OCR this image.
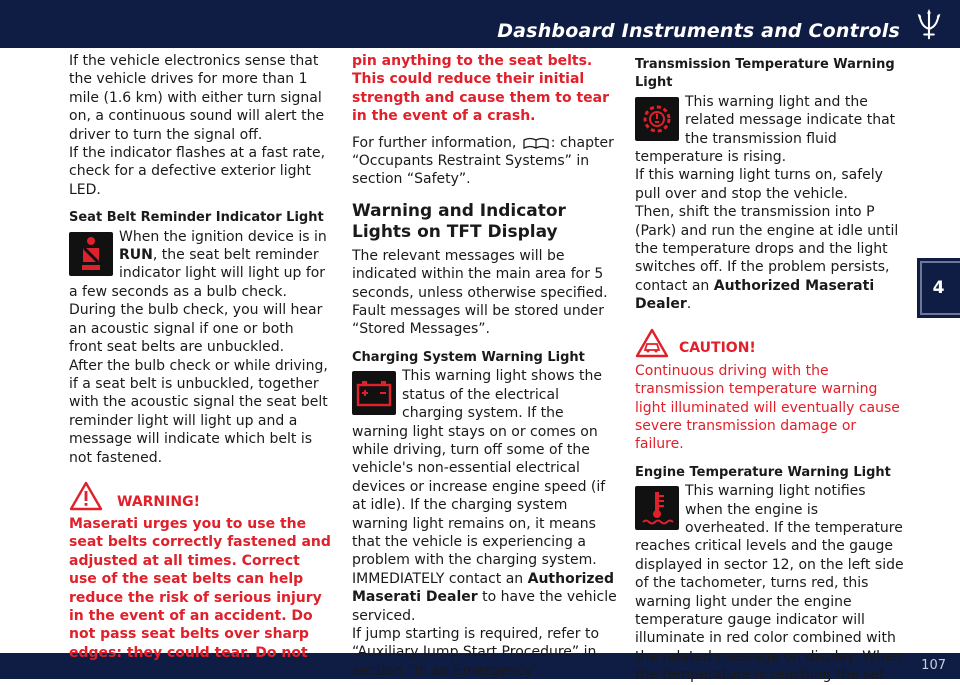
Dashboard Instruments and Controls
4
107

If the vehicle electronics sense that the vehicle drives for more than 1 mile (1.6 km) with either turn signal on, a continuous sound will alert the driver to turn the signal off.

If the indicator flashes at a fast rate, check for a defective exterior light LED.

Seat Belt Reminder Indicator Light

When the ignition device is in RUN, the seat belt reminder indicator light will light up for a few seconds as a bulb check.

During the bulb check, you will hear an acoustic signal if one or both front seat belts are unbuckled.

After the bulb check or while driving, if a seat belt is unbuckled, together with the acoustic signal the seat belt reminder light will light up and a message will indicate which belt is not fastened.

WARNING!

Maserati urges you to use the seat belts correctly fastened and adjusted at all times. Correct use of the seat belts can help reduce the risk of serious injury in the event of an accident. Do not pass seat belts over sharp edges: they could tear. Do not

pin anything to the seat belts. This could reduce their initial strength and cause them to tear in the event of a crash.

For further information, : chapter “Occupants Restraint Systems” in section “Safety”.

Warning and Indicator Lights on TFT Display

The relevant messages will be indicated within the main area for 5 seconds, unless otherwise specified. Fault messages will be stored under “Stored Messages”.

Charging System Warning Light

This warning light shows the status of the electrical charging system. If the warning light stays on or comes on while driving, turn off some of the vehicle's non-essential electrical devices or increase engine speed (if at idle). If the charging system warning light remains on, it means that the vehicle is experiencing a problem with the charging system. IMMEDIATELY contact an Authorized Maserati Dealer to have the vehicle serviced.

If jump starting is required, refer to “Auxiliary Jump Start Procedure” in section “In an Emergency”.

Transmission Temperature Warning Light

This warning light and the related message indicate that the transmission fluid temperature is rising.

If this warning light turns on, safely pull over and stop the vehicle.

Then, shift the transmission into P (Park) and run the engine at idle until the temperature drops and the light switches off. If the problem persists, contact an Authorized Maserati Dealer.

CAUTION!

Continuous driving with the transmission temperature warning light illuminated will eventually cause severe transmission damage or failure.

Engine Temperature Warning Light

This warning light notifies when the engine is overheated. If the temperature reaches critical levels and the gauge displayed in sector 12, on the left side of the tachometer, turns red, this warning light under the engine temperature gauge indicator will illuminate in red color combined with the related message on display. When the temperature is reaching the set
